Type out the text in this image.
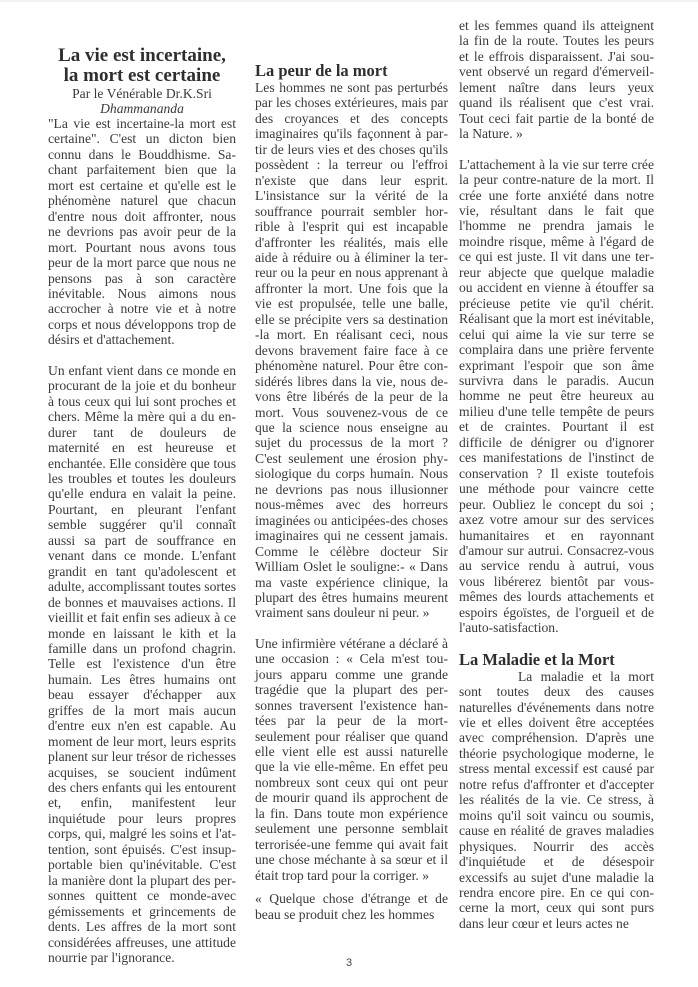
La vie est incertaine,

la mort est certaine

Par le Vénérable Dr.K.Sri Dhammananda

"La vie est incertaine-la mort est certaine". C'est un dicton bien connu dans le Bouddhisme. Sachant parfaitement bien que la mort est certaine et qu'elle est le phénomène naturel que chacun d'entre nous doit affronter, nous ne devrions pas avoir peur de la mort. Pourtant nous avons tous peur de la mort parce que nous ne pensons pas à son caractère inévitable. Nous aimons nous accrocher à notre vie et à notre corps et nous développons trop de désirs et d'attachement.

Un enfant vient dans ce monde en procurant de la joie et du bonheur à tous ceux qui lui sont proches et chers. Même la mère qui a du endurer tant de douleurs de maternité en est heureuse et enchantée. Elle considère que tous les troubles et toutes les douleurs qu'elle endura en valait la peine. Pourtant, en pleurant l'enfant semble suggérer qu'il connaît aussi sa part de souffrance en venant dans ce monde. L'enfant grandit en tant qu'adolescent et adulte, accomplissant toutes sortes de bonnes et mauvaises actions. Il vieillit et fait enfin ses adieux à ce monde en laissant le kith et la famille dans un profond chagrin. Telle est l'existence d'un être humain. Les êtres humains ont beau essayer d'échapper aux griffes de la mort mais aucun d'entre eux n'en est capable. Au moment de leur mort, leurs esprits planent sur leur trésor de richesses acquises, se soucient indûment des chers enfants qui les entourent et, enfin, manifestent leur inquiétude pour leurs propres corps, qui, malgré les soins et l'attention, sont épuisés. C'est insupportable bien qu'inévitable. C'est la manière dont la plupart des personnes quittent ce monde-avec gémissements et grincements de dents. Les affres de la mort sont considérées affreuses, une attitude nourrie par l'ignorance.

La peur de la mort

Les hommes ne sont pas perturbés par les choses extérieures, mais par des croyances et des concepts imaginaires qu'ils façonnent à partir de leurs vies et des choses qu'ils possèdent : la terreur ou l'effroi n'existe que dans leur esprit. L'insistance sur la vérité de la souffrance pourrait sembler horrible à l'esprit qui est incapable d'affronter les réalités, mais elle aide à réduire ou à éliminer la terreur ou la peur en nous apprenant à affronter la mort. Une fois que la vie est propulsée, telle une balle, elle se précipite vers sa destination -la mort. En réalisant ceci, nous devons bravement faire face à ce phénomène naturel. Pour être considérés libres dans la vie, nous devons être libérés de la peur de la mort. Vous souvenez-vous de ce que la science nous enseigne au sujet du processus de la mort ? C'est seulement une érosion physiologique du corps humain. Nous ne devrions pas nous illusionner nous-mêmes avec des horreurs imaginées ou anticipées-des choses imaginaires qui ne cessent jamais. Comme le célèbre docteur Sir William Oslet le souligne:- « Dans ma vaste expérience clinique, la plupart des êtres humains meurent vraiment sans douleur ni peur. »

Une infirmière vétérane a déclaré à une occasion : « Cela m'est toujours apparu comme une grande tragédie que la plupart des personnes traversent l'existence hantées par la peur de la mort-seulement pour réaliser que quand elle vient elle est aussi naturelle que la vie elle-même. En effet peu nombreux sont ceux qui ont peur de mourir quand ils approchent de la fin. Dans toute mon expérience seulement une personne semblait terrorisée-une femme qui avait fait une chose méchante à sa sœur et il était trop tard pour la corriger. »

« Quelque chose d'étrange et de beau se produit chez les hommes

et les femmes quand ils atteignent la fin de la route. Toutes les peurs et le effrois disparaissent. J'ai souvent observé un regard d'émerveillement naître dans leurs yeux quand ils réalisent que c'est vrai. Tout ceci fait partie de la bonté de la Nature. »

L'attachement à la vie sur terre crée la peur contre-nature de la mort. Il crée une forte anxiété dans notre vie, résultant dans le fait que l'homme ne prendra jamais le moindre risque, même à l'égard de ce qui est juste. Il vit dans une terreur abjecte que quelque maladie ou accident en vienne à étouffer sa précieuse petite vie qu'il chérit. Réalisant que la mort est inévitable, celui qui aime la vie sur terre se complaira dans une prière fervente exprimant l'espoir que son âme survivra dans le paradis. Aucun homme ne peut être heureux au milieu d'une telle tempête de peurs et de craintes. Pourtant il est difficile de dénigrer ou d'ignorer ces manifestations de l'instinct de conservation ? Il existe toutefois une méthode pour vaincre cette peur. Oubliez le concept du soi ; axez votre amour sur des services humanitaires et en rayonnant d'amour sur autrui. Consacrez-vous au service rendu à autrui, vous vous libérerez bientôt par vous-mêmes des lourds attachements et espoirs égoïstes, de l'orgueil et de l'auto-satisfaction.

La Maladie et la Mort

La maladie et la mort sont toutes deux des causes naturelles d'événements dans notre vie et elles doivent être acceptées avec compréhension. D'après une théorie psychologique moderne, le stress mental excessif est causé par notre refus d'affronter et d'accepter les réalités de la vie. Ce stress, à moins qu'il soit vaincu ou soumis, cause en réalité de graves maladies physiques. Nourrir des accès d'inquiétude et de désespoir excessifs au sujet d'une maladie la rendra encore pire. En ce qui concerne la mort, ceux qui sont purs dans leur cœur et leurs actes ne

3
